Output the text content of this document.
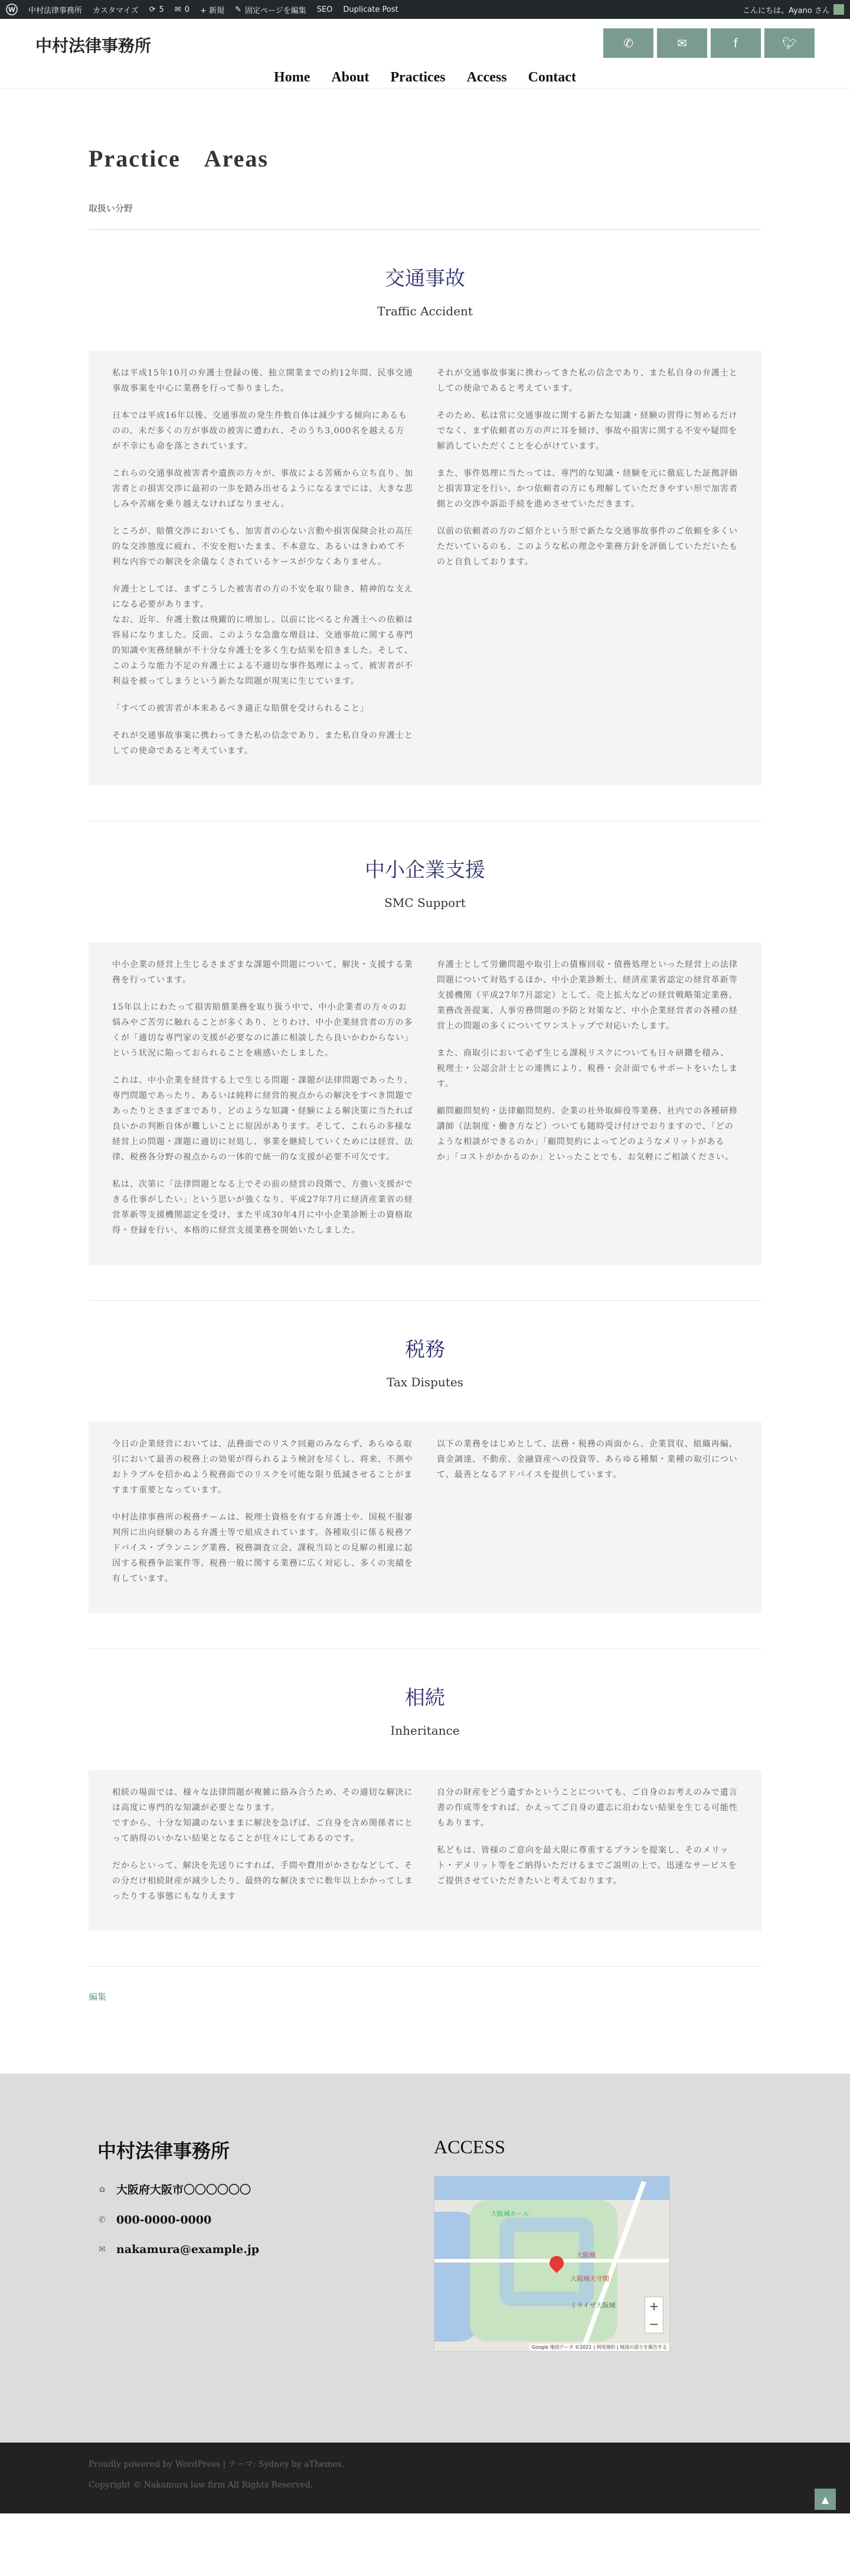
W	中村法律事務所 カスタマイズ ⟳ 5 ✉ 0 + 新規 ✎ 固定ページを編集 SEO Duplicate Post	こんにちは、Ayano さん
中村法律事務所	✆	✉	f	🐦︎
Home About Practices Access Contact
Practice Areas
取扱い分野
交通事故
Traffic Accident

私は平成15年10月の弁護士登録の後、独立開業までの約12年間、民事交通事故事案を中心に業務を行って参りました。

日本では平成16年以後、交通事故の発生件数自体は減少する傾向にあるものの、未だ多くの方が事故の被害に遭われ、そのうち3,000名を越える方が不幸にも命を落とされています。

これらの交通事故被害者や遺族の方々が、事故による苦痛から立ち直り、加害者との損害交渉に最初の一歩を踏み出せるようになるまでには、大きな悲しみや苦痛を乗り越えなければなりません。

ところが、賠償交渉においても、加害者の心ない言動や損害保険会社の高圧的な交渉態度に疲れ、不安を抱いたまま、不本意な、あるいはきわめて不利な内容での解決を余儀なくされているケースが少なくありません。

弁護士としては、まずこうした被害者の方の不安を取り除き、精神的な支えになる必要があります。
なお、近年、弁護士数は飛躍的に増加し、以前に比べると弁護士への依頼は容易になりました。反面、このような急激な増員は、交通事故に関する専門的知識や実務経験が不十分な弁護士を多く生む結果を招きました。そして、このような能力不足の弁護士による不適切な事件処理によって、被害者が不利益を被ってしまうという新たな問題が現実に生じています。

「すべての被害者が本来あるべき適正な賠償を受けられること」

それが交通事故事案に携わってきた私の信念であり、また私自身の弁護士としての使命であると考えています。

それが交通事故事案に携わってきた私の信念であり、また私自身の弁護士としての使命であると考えています。

そのため、私は常に交通事故に関する新たな知識・経験の習得に努めるだけでなく、まず依頼者の方の声に耳を傾け、事故や損害に関する不安や疑問を解消していただくことを心がけています。

また、事件処理に当たっては、専門的な知識・経験を元に徹底した証拠評価と損害算定を行い、かつ依頼者の方にも理解していただきやすい形で加害者側との交渉や訴訟手続を進めさせていただきます。

以前の依頼者の方のご紹介という形で新たな交通事故事件のご依頼を多くいただいているのも、このような私の理念や業務方針を評価していただいたものと自負しております。

中小企業支援
SMC Support

中小企業の経営上生じるさまざまな課題や問題について、解決・支援する業務を行っています。

15年以上にわたって損害賠償業務を取り扱う中で、中小企業者の方々のお悩みやご苦労に触れることが多くあり、とりわけ、中小企業経営者の方の多くが「適切な専門家の支援が必要なのに誰に相談したら良いかわからない」という状況に陥っておられることを痛感いたしました。

これは、中小企業を経営する上で生じる問題・課題が法律問題であったり、専門問題であったり、あるいは純粋に経営的視点からの解決をすべき問題であったりとさまざまであり、どのような知識・経験による解決策に当たれば良いかの判断自体が難しいことに原因があります。そして、これらの多様な経営上の問題・課題に適切に対処し、事業を継続していくためには経営、法律、税務各分野の視点からの一体的で統一的な支援が必要不可欠です。

私は、次第に「法律問題となる上でその前の経営の段階で、方強い支援ができる仕事がしたい」という思いが強くなり、平成27年7月に経済産業省の経営革新等支援機関認定を受け、また平成30年4月に中小企業診断士の資格取得・登録を行い、本格的に経営支援業務を開始いたしました。

弁護士として労働問題や取引上の債権回収・債務処理といった経営上の法律問題について対処するほか、中小企業診断士、経済産業省認定の経営革新等支援機関（平成27年7月認定）として、売上拡大などの経営戦略策定業務、業務改善提案、人事労務問題の予防と対策など、中小企業経営者の各種の経営上の問題の多くについてワンストップで対応いたします。

また、商取引において必ず生じる課税リスクについても日々研鑽を積み、税理士・公認会計士との連携により、税務・会計面でもサポートをいたします。

顧問顧問契約・法律顧問契約、企業の社外取締役等業務、社内での各種研修講師（法制度・働き方など）ついても随時受け付けでおりますので、「どのような相談ができるのか」「顧問契約によってどのようなメリットがあるか」「コストがかかるのか」といったことでも、お気軽にご相談ください。

税務
Tax Disputes

今日の企業経営においては、法務面でのリスク回避のみならず、あらゆる取引において最善の税務上の効果が得られるよう検討を尽くし、将来、不測やおトラブルを招かぬよう税務面でのリスクを可能な限り低減させることがますます重要となっています。

中村法律事務所の税務チームは、税理士資格を有する弁護士や、国税不服審判所に出向経験のある弁護士等で組成されています。各種取引に係る税務アドバイス・プランニング業務、税務調査立会、課税当局との見解の相違に起因する税務争訟案件等、税務一般に関する業務に広く対応し、多くの実績を有しています。

以下の業務をはじめとして、法務・税務の両面から、企業買収、組織再編、資金調達、不動産、金融資産への投資等、あらゆる種類・業種の取引について、最善となるアドバイスを提供しています。

相続
Inheritance

相続の場面では、様々な法律問題が複雑に絡み合うため、その適切な解決には高度に専門的な知識が必要となります。
ですから、十分な知識のないままに解決を急げば、ご自身を含め関係者にとって納得のいかない結果となることが往々にしてあるのです。

だからといって、解決を先送りにすれば、手間や費用がかさむなどして、その分だけ相続財産が減少したり、最終的な解決までに数年以上かかってしまったりする事態にもなりえます

自分の財産をどう遺すかということについても、ご自身のお考えのみで遺言書の作成等をすれば、かえってご自身の遺志に沿わない結果を生じる可能性もあります。

私どもは、皆様のご意向を最大限に尊重するプランを提案し、そのメリット・デメリット等をご納得いただけるまでご説明の上で、迅速なサービスをご提供させていただきたいと考えております。

編集
中村法律事務所
⌂ 大阪府大阪市〇〇〇〇〇〇
✆ 000-0000-0000
✉ nakamura@example.jp
ACCESS
大阪城ホール
大阪城
大阪城天守閣
ミライザ大阪城	+
−
Google 地図データ ©2021 | 利用規約 | 地図の誤りを報告する
Proudly powered by WordPress | テーマ: Sydney by aThemes.
Copyright © Nakamura law firm All Rights Reserved.
▲
